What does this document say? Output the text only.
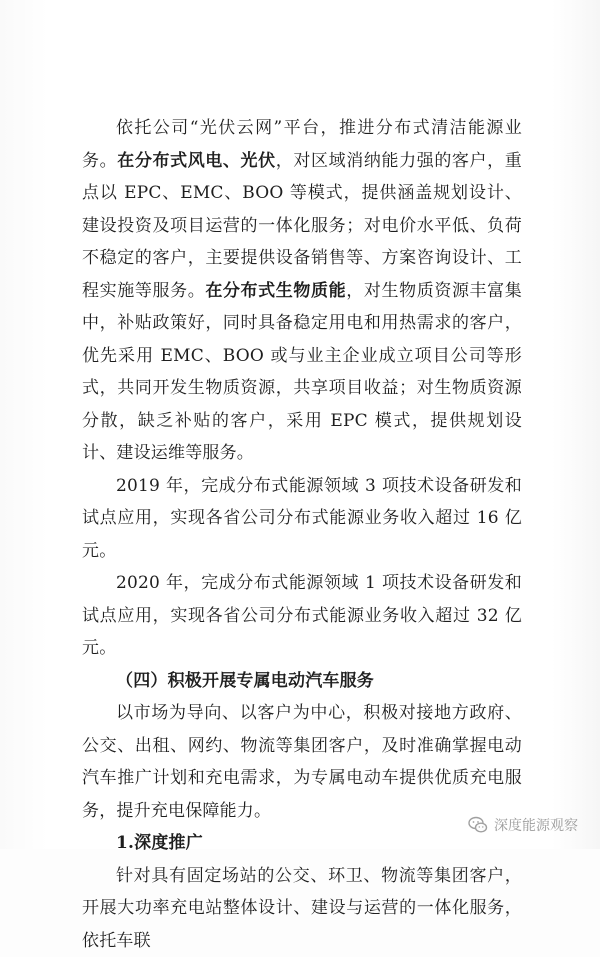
依托公司“光伏云网”平台，推进分布式清洁能源业务。在分布式风电、光伏，对区域消纳能力强的客户，重点以 EPC、EMC、BOO 等模式，提供涵盖规划设计、建设投资及项目运营的一体化服务；对电价水平低、负荷不稳定的客户，主要提供设备销售等、方案咨询设计、工程实施等服务。在分布式生物质能，对生物质资源丰富集中，补贴政策好，同时具备稳定用电和用热需求的客户，优先采用 EMC、BOO 或与业主企业成立项目公司等形式，共同开发生物质资源，共享项目收益；对生物质资源分散，缺乏补贴的客户，采用 EPC 模式，提供规划设计、建设运维等服务。

2019 年，完成分布式能源领域 3 项技术设备研发和试点应用，实现各省公司分布式能源业务收入超过 16 亿元。

2020 年，完成分布式能源领域 1 项技术设备研发和试点应用，实现各省公司分布式能源业务收入超过 32 亿元。

（四）积极开展专属电动汽车服务

以市场为导向、以客户为中心，积极对接地方政府、公交、出租、网约、物流等集团客户，及时准确掌握电动汽车推广计划和充电需求，为专属电动车提供优质充电服务，提升充电保障能力。

1.深度推广

针对具有固定场站的公交、环卫、物流等集团客户，开展大功率充电站整体设计、建设与运营的一体化服务，依托车联

深度能源观察
